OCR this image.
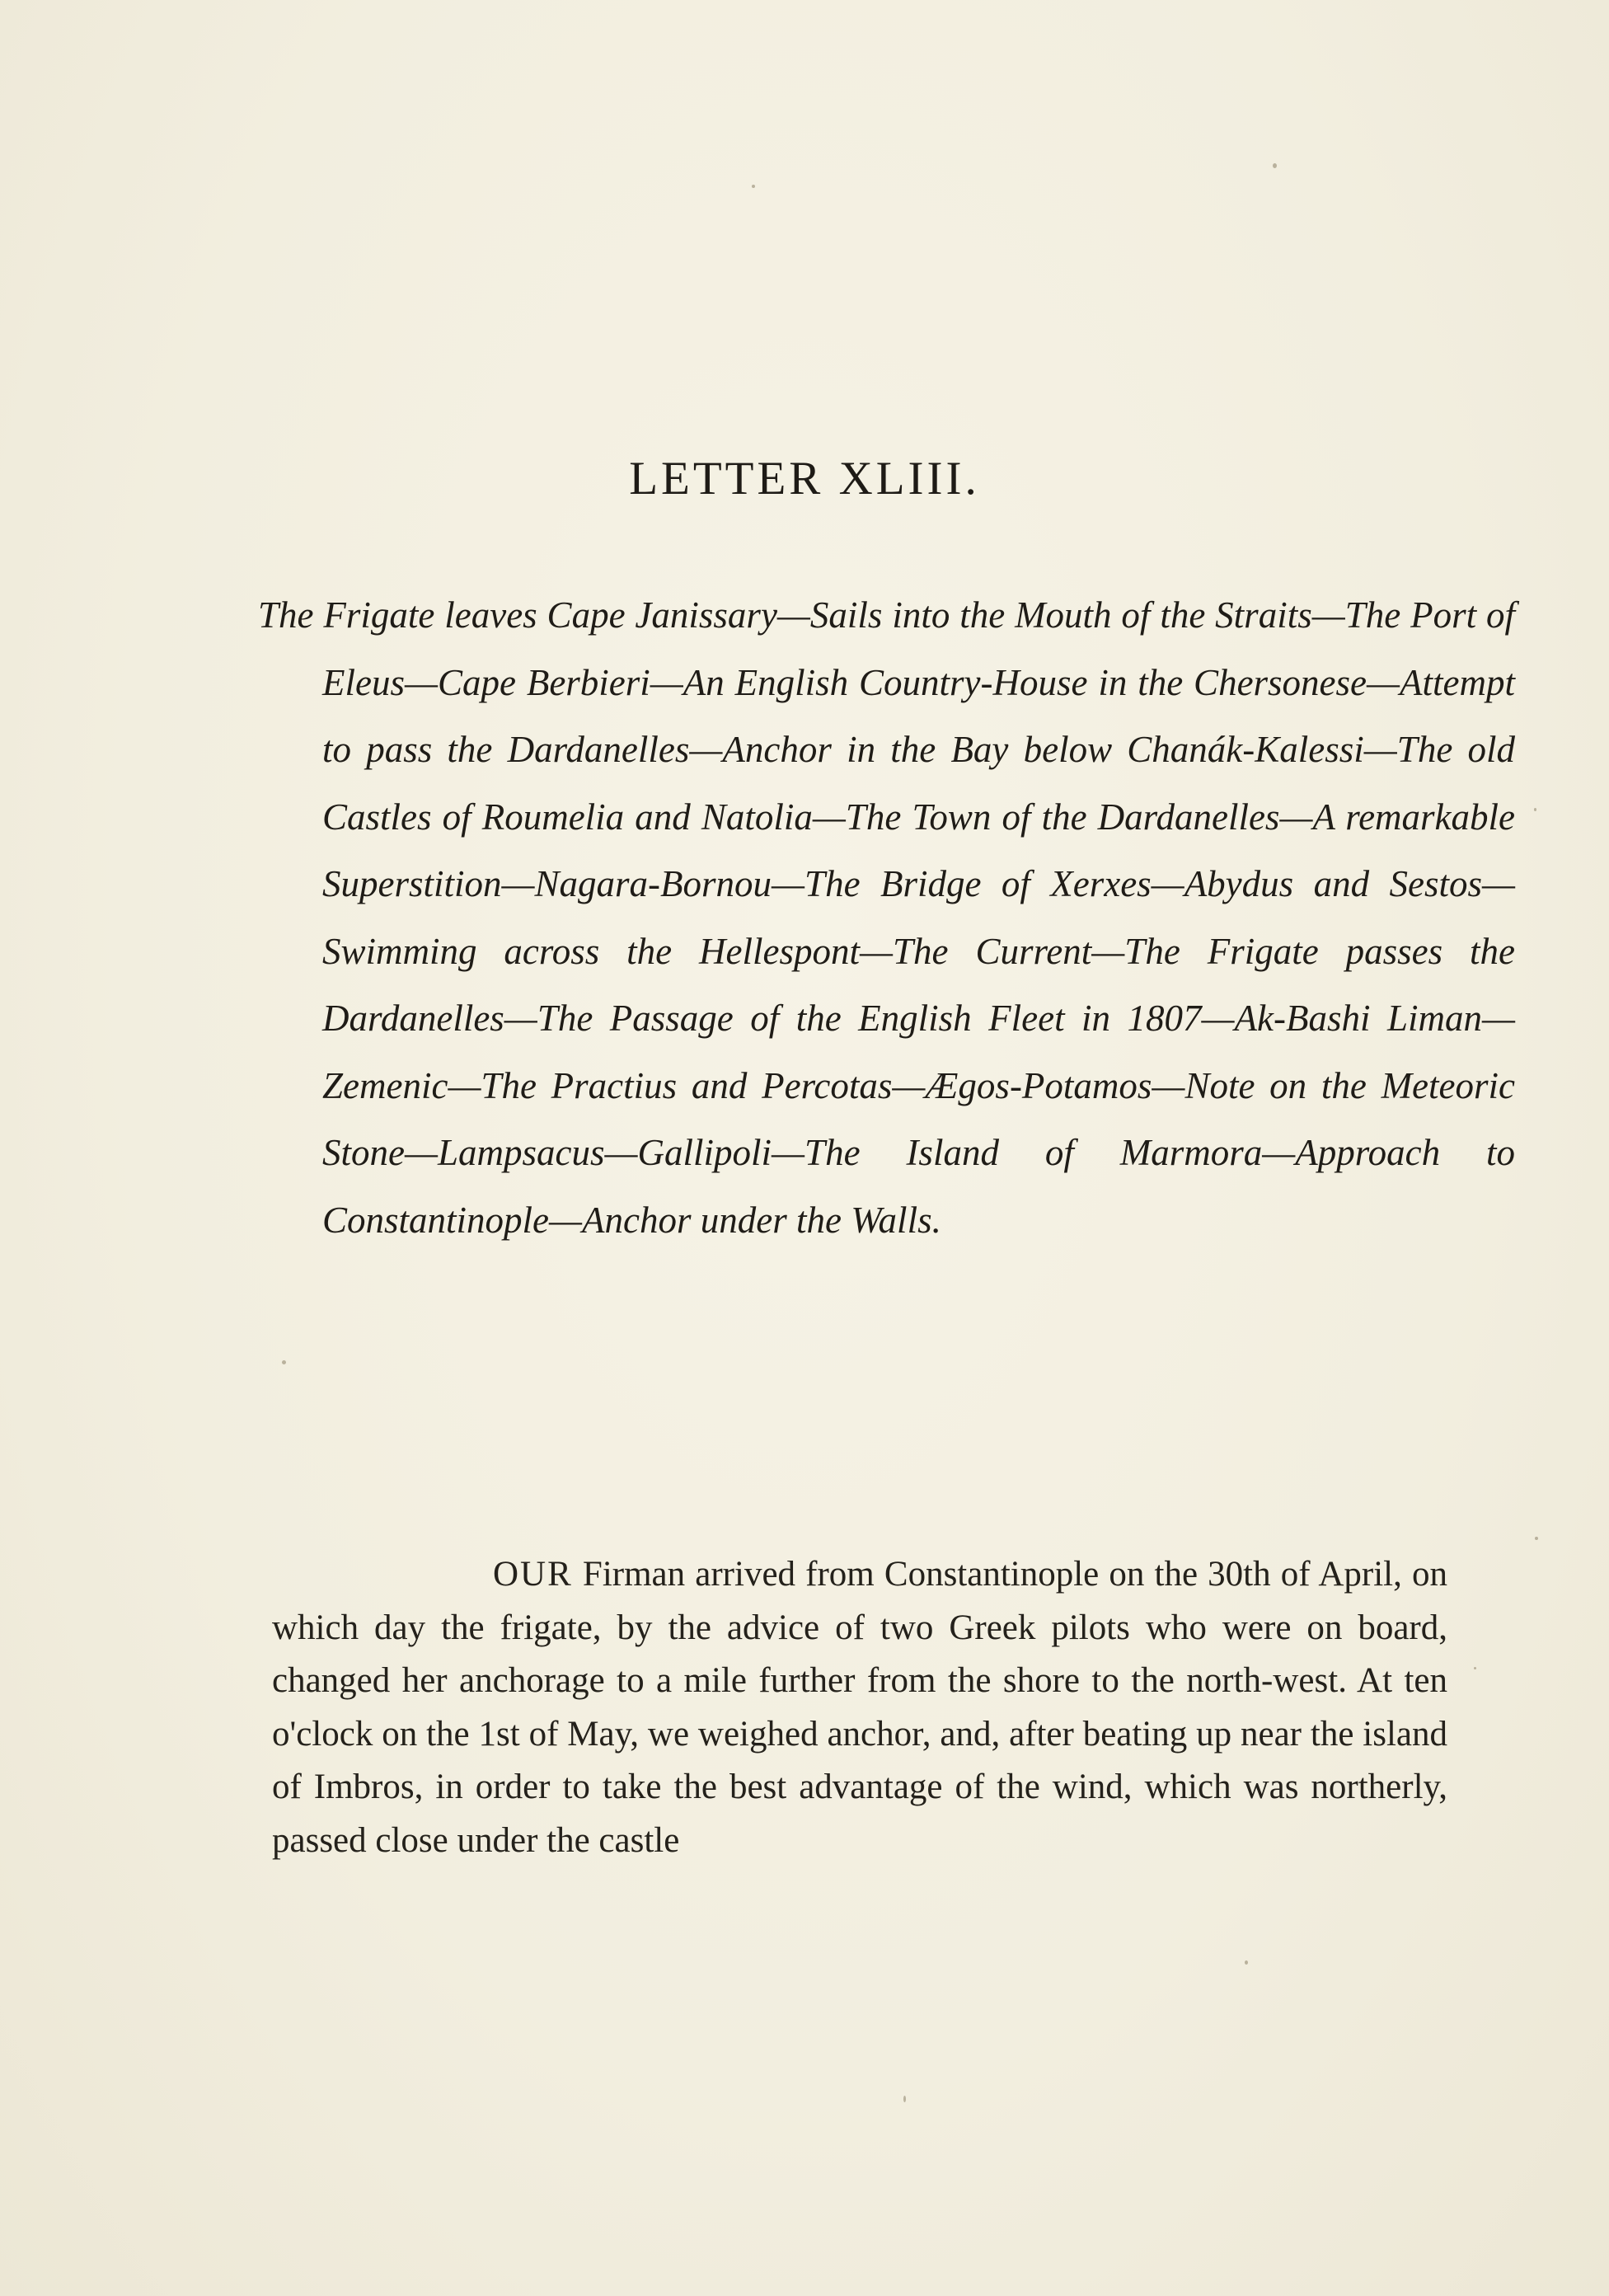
LETTER XLIII.

The Frigate leaves Cape Janissary—Sails into the Mouth of the Straits—The Port of Eleus—Cape Berbieri—An English Country-House in the Chersonese—Attempt to pass the Dardanelles—Anchor in the Bay below Chanák-Kalessi—The old Castles of Roumelia and Natolia—The Town of the Dardanelles—A remarkable Superstition—Nagara-Bornou—The Bridge of Xerxes—Abydus and Sestos—Swimming across the Hellespont—The Current—The Frigate passes the Dardanelles—The Passage of the English Fleet in 1807—Ak-Bashi Liman—Zemenic—The Practius and Percotas—Ægos-Potamos—Note on the Meteoric Stone—Lampsacus—Gallipoli—The Island of Marmora—Approach to Constantinople—Anchor under the Walls.

OUR Firman arrived from Constantinople on the 30th of April, on which day the frigate, by the advice of two Greek pilots who were on board, changed her anchorage to a mile further from the shore to the north-west. At ten o'clock on the 1st of May, we weighed anchor, and, after beating up near the island of Imbros, in order to take the best advantage of the wind, which was northerly, passed close under the castle
